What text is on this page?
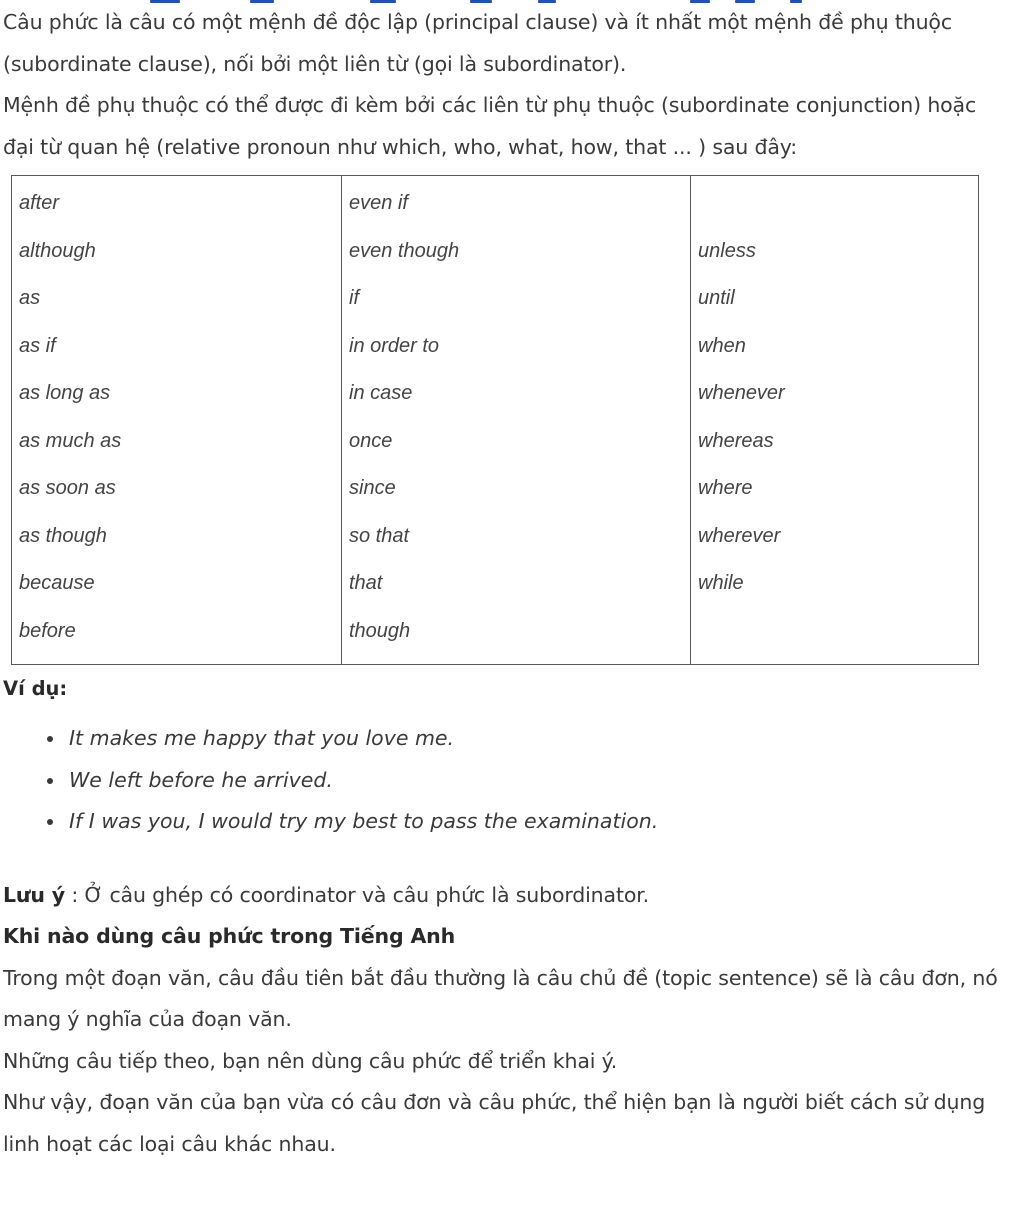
Câu phức là câu có một mệnh đề độc lập (principal clause) và ít nhất một mệnh đề phụ thuộc (subordinate clause), nối bởi một liên từ (gọi là subordinator).

Mệnh đề phụ thuộc có thể được đi kèm bởi các liên từ phụ thuộc (subordinate conjunction) hoặc đại từ quan hệ (relative pronoun như which, who, what, how, that ... ) sau đây:

after	even if	

although	even though	unless

as	if	until

as if	in order to	when

as long as	in case	whenever

as much as	once	whereas

as soon as	since	where

as though	so that	wherever

because	that	while

before	though	

Ví dụ:
It makes me happy that you love me.
We left before he arrived.
If I was you, I would try my best to pass the examination.

Lưu ý : Ở câu ghép có coordinator và câu phức là subordinator.

Khi nào dùng câu phức trong Tiếng Anh

Trong một đoạn văn, câu đầu tiên bắt đầu thường là câu chủ đề (topic sentence) sẽ là câu đơn, nó mang ý nghĩa của đoạn văn.

Những câu tiếp theo, bạn nên dùng câu phức để triển khai ý.

Như vậy, đoạn văn của bạn vừa có câu đơn và câu phức, thể hiện bạn là người biết cách sử dụng linh hoạt các loại câu khác nhau.
